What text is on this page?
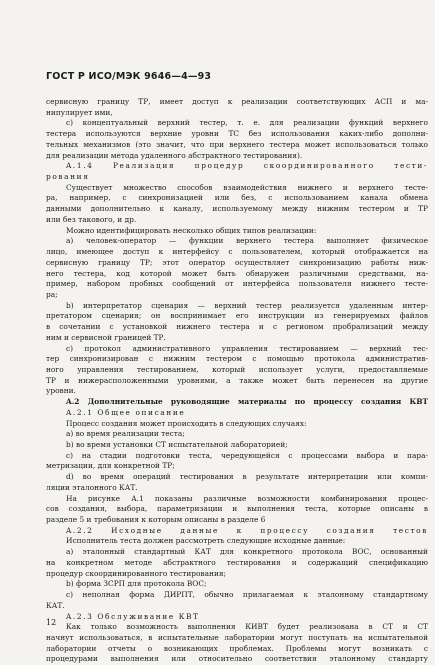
ГОСТ Р ИСО/МЭК 9646—4—93
сервисную границу ТР, имеет доступ к реализации соответствующих АСП и ма-
нипулирует ими,
c) концептуальный верхний тестер, т. е. для реализации функций верхнего
тестера используются верхние уровни ТС без использования каких-либо дополни-
тельных механизмов (это значит, что при верхнего тестера может использоваться только
для реализации метода удаленного абстрактного тестирования).
A.1.4 Реализация процедур скоординированного тести-
рования
Существует множество способов взаимодействия нижнего и верхнего тесте-
ра, например, с синхронизацией или без, с использованием канала обмена
данными дополнительно к каналу, используемому между нижним тестером и ТР
или без такового, и др.
Можно идентифицировать несколько общих типов реализации:
a) человек-оператор — функции верхнего тестера выполняет физическое
лицо, имеющее доступ к интерфейсу с пользователем, который отображается на
сервисную границу ТР; этот оператор осуществляет синхронизацию работы ниж-
него тестера, код которой может быть обнаружен различными средствами, на-
пример, набором пробных сообщений от интерфейса пользователя нижнего тесте-
ра;
b) интерпретатор сценария — верхний тестер реализуется удаленным интер-
претатором сценария; он воспринимает его инструкции из генерируемых файлов
в сочетании с установкой нижнего тестера и с регионом пробрализаций между
ним и сервисной границей ТР.
c) протокол административного управления тестированием — верхний тес-
тер синхронизирован с нижним тестером с помощью протокола административ-
ного управления тестированием, который использует услуги, предоставляемые
ТР и нижерасположенными уровнями, а также может быть перенесен на другие
уровни.
A.2 Дополнительные руководящие материалы по процессу создания КВТ
A.2.1 Общее описание
Процесс создания может происходить в следующих случаях:
a) во время реализации теста;
b) во время установки СТ испытательной лабораторией;
c) на стадии подготовки теста, чередующейся с процессами выбора и пара-
метризации, для конкретной ТР;
d) во время операций тестирования в результате интерпретации или компи-
ляции эталонного КАТ.
На рисунке А.1 показаны различные возможности комбинирования процес-
сов создания, выбора, параметризации и выполнения теста, которые описаны в
разделе 5 и требования к которым описаны в разделе 6
A.2.2 Исходные данные к процессу создания тестов
Исполнитель теста должен рассмотреть следующие исходные данные:
a) эталонный стандартный КАТ для конкретного протокола ВОС, основанный
на конкретном методе абстрактного тестирования и содержащий спецификацию
процедур скоординированного тестирования;
b) форма ЗСРП для протокола ВОС;
c) неполная форма ДИРПТ, обычно прилагаемая к эталонному стандартному
КАТ.
A.2.3 Обслуживание КВТ
Как только возможность выполнения КИВТ будет реализована в СТ и СТ
начнут использоваться, в испытательные лаборатории могут поступать на испытательной
лаборатории отчеты о возникающих проблемах. Проблемы могут возникать с
процедурами выполнения или относительно соответствия эталонному стандарту
12
